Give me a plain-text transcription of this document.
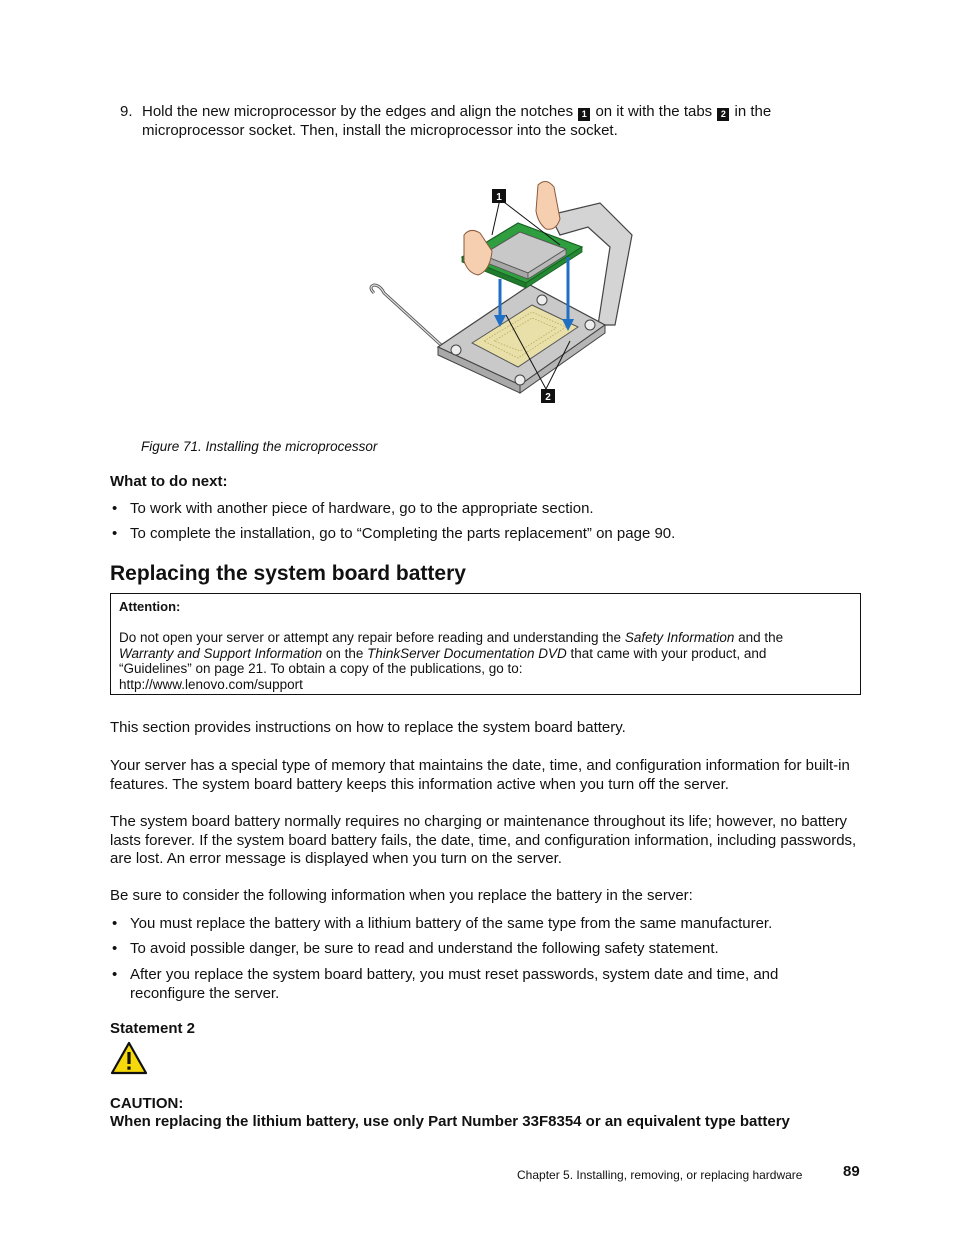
9. Hold the new microprocessor by the edges and align the notches 1 on it with the tabs 2 in the microprocessor socket. Then, install the microprocessor into the socket.
1
2
Figure 71. Installing the microprocessor
What to do next:
• To work with another piece of hardware, go to the appropriate section.
• To complete the installation, go to “Completing the parts replacement” on page 90.
Replacing the system board battery
Attention:
Do not open your server or attempt any repair before reading and understanding the Safety Information and the Warranty and Support Information on the ThinkServer Documentation DVD that came with your product, and “Guidelines” on page 21. To obtain a copy of the publications, go to:
http://www.lenovo.com/support
This section provides instructions on how to replace the system board battery.
Your server has a special type of memory that maintains the date, time, and configuration information for built-in features. The system board battery keeps this information active when you turn off the server.
The system board battery normally requires no charging or maintenance throughout its life; however, no battery lasts forever. If the system board battery fails, the date, time, and configuration information, including passwords, are lost. An error message is displayed when you turn on the server.
Be sure to consider the following information when you replace the battery in the server:
• You must replace the battery with a lithium battery of the same type from the same manufacturer.
• To avoid possible danger, be sure to read and understand the following safety statement.
• After you replace the system board battery, you must reset passwords, system date and time, and reconfigure the server.
Statement 2
CAUTION:
When replacing the lithium battery, use only Part Number 33F8354 or an equivalent type battery
Chapter 5. Installing, removing, or replacing hardware	89
